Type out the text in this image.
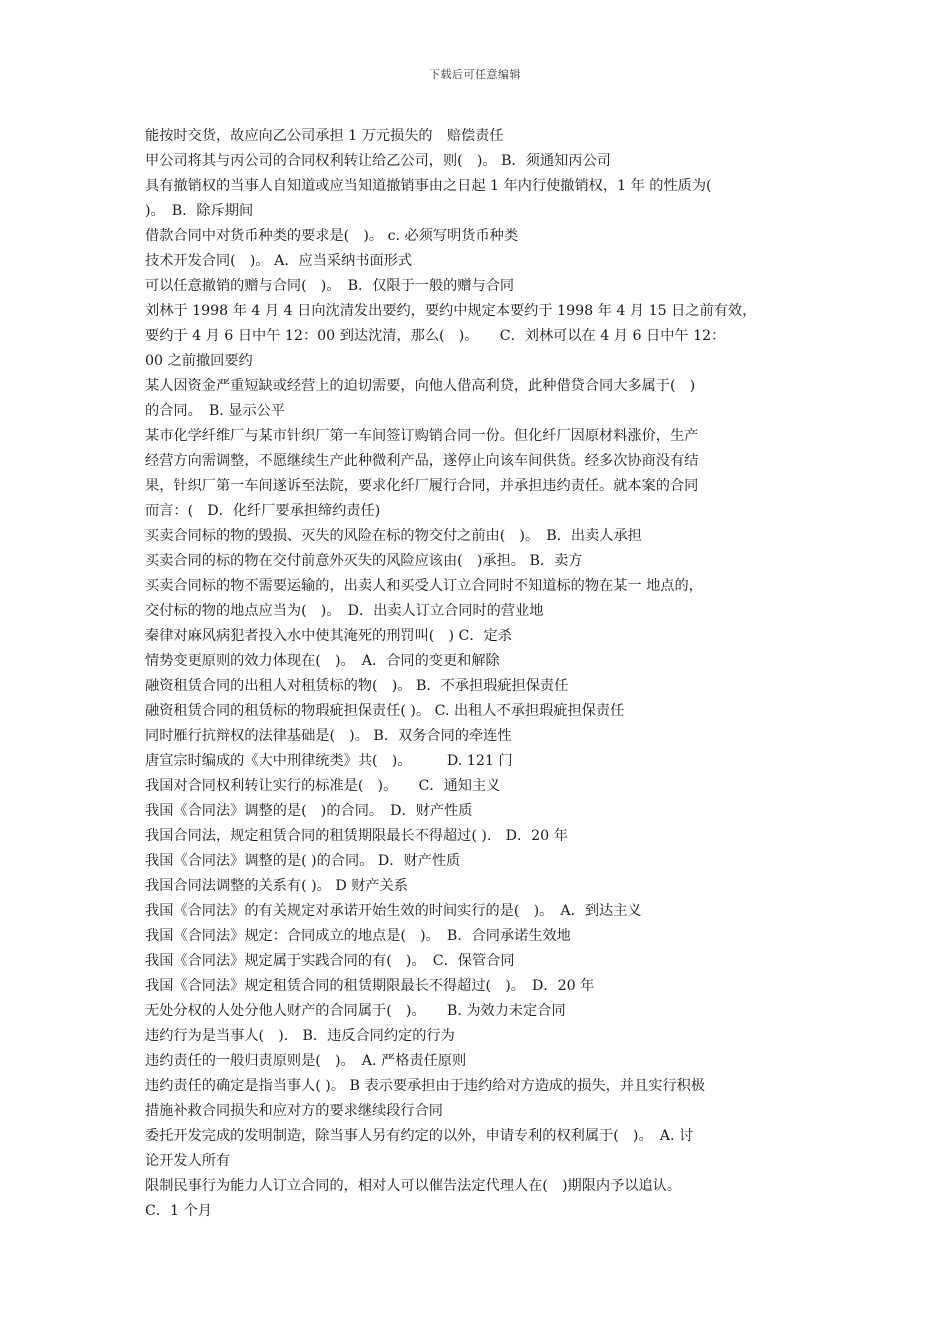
下载后可任意编辑
能按时交货，故应向乙公司承担 1 万元损失的　赔偿责任
甲公司将其与丙公司的合同权利转让给乙公司，则(　)。 B．须通知丙公司
具有撤销权的当事人自知道或应当知道撤销事由之日起 1 年内行使撤销权，1 年 的性质为(
)。　B．除斥期间
借款合同中对货币种类的要求是(　)。 c. 必须写明货币种类
技术开发合同(　)。 A．应当采纳书面形式
可以任意撤销的赠与合同(　)。　B．仅限于一般的赠与合同
刘林于 1998 年 4 月 4 日向沈清发出要约，要约中规定本要约于 1998 年 4 月 15 日之前有效，
要约于 4 月 6 日中午 12：00 到达沈清，那么(　)。　　C．刘林可以在 4 月 6 日中午 12：
00 之前撤回要约
某人因资金严重短缺或经营上的迫切需要，向他人借高利贷，此种借贷合同大多属于(　)
的合同。　B. 显示公平
某市化学纤维厂与某市针织厂第一车间签订购销合同一份。但化纤厂因原材料涨价，生产
经营方向需调整，不愿继续生产此种微利产品，遂停止向该车间供货。经多次协商没有结
果，针织厂第一车间遂诉至法院，要求化纤厂履行合同，并承担违约责任。就本案的合同
而言：(　D．化纤厂要承担缔约责任)
买卖合同标的物的毁损、灭失的风险在标的物交付之前由(　)。　B．出卖人承担
买卖合同的标的物在交付前意外灭失的风险应该由(　)承担。 B．卖方
买卖合同标的物不需要运输的，出卖人和买受人订立合同时不知道标的物在某一 地点的，
交付标的物的地点应当为(　)。　D．出卖人订立合同时的营业地
秦律对麻风病犯者投入水中使其淹死的刑罚叫(　) C．定杀
情势变更原则的效力体现在(　)。　A．合同的变更和解除
融资租赁合同的出租人对租赁标的物(　)。 B．不承担瑕疵担保责任
融资租赁合同的租赁标的物瑕疵担保责任( )。 C. 出租人不承担瑕疵担保责任
同时雁行抗辩权的法律基础是(　)。 B．双务合同的牵连性
唐宣宗时编成的《大中刑律统类》共(　)。　　　D. 121 门
我国对合同权利转让实行的标准是(　)。　　C．通知主义
我国《合同法》调整的是(　)的合同。　D．财产性质
我国合同法，规定租赁合同的租赁期限最长不得超过( ).　D．20 年
我国《合同法》调整的是( )的合同。 D．财产性质
我国合同法调整的关系有( )。 D 财产关系
我国《合同法》的有关规定对承诺开始生效的时间实行的是(　)。　A．到达主义
我国《合同法》规定：合同成立的地点是(　)。　B．合同承诺生效地
我国《合同法》规定属于实践合同的有(　)。　C．保管合同
我国《合同法》规定租赁合同的租赁期限最长不得超过(　)。　D．20 年
无处分权的人处分他人财产的合同属于(　)。　　B. 为效力未定合同
违约行为是当事人(　).　B．违反合同约定的行为
违约责任的一般归责原则是(　)。　A. 严格责任原则
违约责任的确定是指当事人( )。 B 表示要承担由于违约给对方造成的损失，并且实行积极
措施补救合同损失和应对方的要求继续段行合同
委托开发完成的发明制造，除当事人另有约定的以外，申请专利的权利属于(　)。　A. 讨
论开发人所有
限制民事行为能力人订立合同的，相对人可以催告法定代理人在(　)期限内予以追认。
C．1 个月
